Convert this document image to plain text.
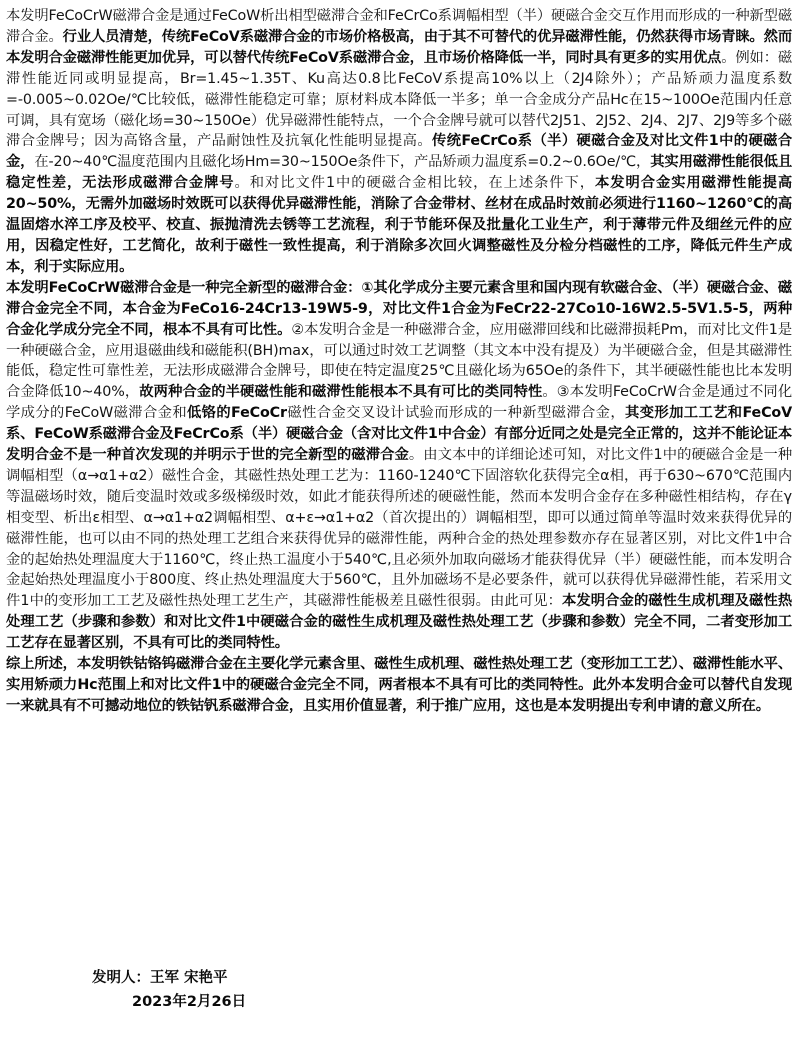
本发明FeCoCrW磁滞合金是通过FeCoW析出相型磁滞合金和FeCrCo系调幅相型（半）硬磁合金交互作用而形成的一种新型磁滞合金。行业人员清楚，传统FeCoV系磁滞合金的市场价格极高，由于其不可替代的优异磁滞性能，仍然获得市场青睐。然而本发明合金磁滞性能更加优异，可以替代传统FeCoV系磁滞合金，且市场价格降低一半，同时具有更多的实用优点。例如：磁滞性能近同或明显提高，Br=1.45~1.35T、Ku高达0.8比FeCoV系提高10%以上（2J4除外）；产品矫顽力温度系数=-0.005~0.02Oe/℃比较低，磁滞性能稳定可靠；原材料成本降低一半多；单一合金成分产品Hc在15~100Oe范围内任意可调，具有宽场（磁化场=30~150Oe）优异磁滞性能特点，一个合金牌号就可以替代2J51、2J52、2J4、2J7、2J9等多个磁滞合金牌号；因为高铬含量，产品耐蚀性及抗氧化性能明显提高。传统FeCrCo系（半）硬磁合金及对比文件1中的硬磁合金，在-20~40℃温度范围内且磁化场Hm=30~150Oe条件下，产品矫顽力温度系=0.2~0.6Oe/℃，其实用磁滞性能很低且稳定性差，无法形成磁滞合金牌号。和对比文件1中的硬磁合金相比较，在上述条件下，本发明合金实用磁滞性能提高20~50%，无需外加磁场时效既可以获得优异磁滞性能，消除了合金带材、丝材在成品时效前必须进行1160~1260℃的高温固熔水淬工序及校平、校直、振抛清洗去锈等工艺流程，利于节能环保及批量化工业生产，利于薄带元件及细丝元件的应用，因稳定性好，工艺简化，故利于磁性一致性提高，利于消除多次回火调整磁性及分检分档磁性的工序，降低元件生产成本，利于实际应用。

本发明FeCoCrW磁滞合金是一种完全新型的磁滞合金：①其化学成分主要元素含里和国内现有软磁合金、（半）硬磁合金、磁滞合金完全不同，本合金为FeCo16-24Cr13-19W5-9，对比文件1合金为FeCr22-27Co10-16W2.5-5V1.5-5，两种合金化学成分完全不同，根本不具有可比性。②本发明合金是一种磁滞合金，应用磁滞回线和比磁滞损耗Pm，而对比文件1是一种硬磁合金，应用退磁曲线和磁能积(BH)max，可以通过时效工艺调整（其文本中没有提及）为半硬磁合金，但是其磁滞性能低，稳定性可靠性差，无法形成磁滞合金牌号，即使在特定温度25℃且磁化场为65Oe的条件下，其半硬磁性能也比本发明合金降低10~40%，故两种合金的半硬磁性能和磁滞性能根本不具有可比的类同特性。③本发明FeCoCrW合金是通过不同化学成分的FeCoW磁滞合金和低铬的FeCoCr磁性合金交叉设计试验而形成的一种新型磁滞合金，其变形加工工艺和FeCoV系、FeCoW系磁滞合金及FeCrCo系（半）硬磁合金（含对比文件1中合金）有部分近同之处是完全正常的，这并不能论证本发明合金不是一种首次发现的并明示于世的完全新型的磁滞合金。由文本中的详细论述可知，对比文件1中的硬磁合金是一种调幅相型（α→α1+α2）磁性合金，其磁性热处理工艺为：1160-1240℃下固溶软化获得完全α相，再于630~670℃范围内等温磁场时效，随后变温时效或多级梯级时效，如此才能获得所述的硬磁性能，然而本发明合金存在多种磁性相结构，存在γ相变型、析出ε相型、α→α1+α2调幅相型、α+ε→α1+α2（首次提出的）调幅相型，即可以通过简单等温时效来获得优异的磁滞性能，也可以由不同的热处理工艺组合来获得优异的磁滞性能，两种合金的热处理参数亦存在显著区别，对比文件1中合金的起始热处理温度大于1160℃，终止热工温度小于540℃,且必须外加取向磁场才能获得优异（半）硬磁性能，而本发明合金起始热处理温度小于800度、终止热处理温度大于560℃，且外加磁场不是必要条件，就可以获得优异磁滞性能，若采用文件1中的变形加工工艺及磁性热处理工艺生产，其磁滞性能极差且磁性很弱。由此可见：本发明合金的磁性生成机理及磁性热处理工艺（步骤和参数）和对比文件1中硬磁合金的磁性生成机理及磁性热处理工艺（步骤和参数）完全不同，二者变形加工工艺存在显著区别，不具有可比的类同特性。

综上所述，本发明铁钴铬钨磁滞合金在主要化学元素含里、磁性生成机理、磁性热处理工艺（变形加工工艺）、磁滞性能水平、实用矫顽力Hc范围上和对比文件1中的硬磁合金完全不同，两者根本不具有可比的类同特性。此外本发明合金可以替代自发现一来就具有不可撼动地位的铁钴钒系磁滞合金，且实用价值显著，利于推广应用，这也是本发明提出专利申请的意义所在。

发明人：王军 宋艳平
2023年2月26日
